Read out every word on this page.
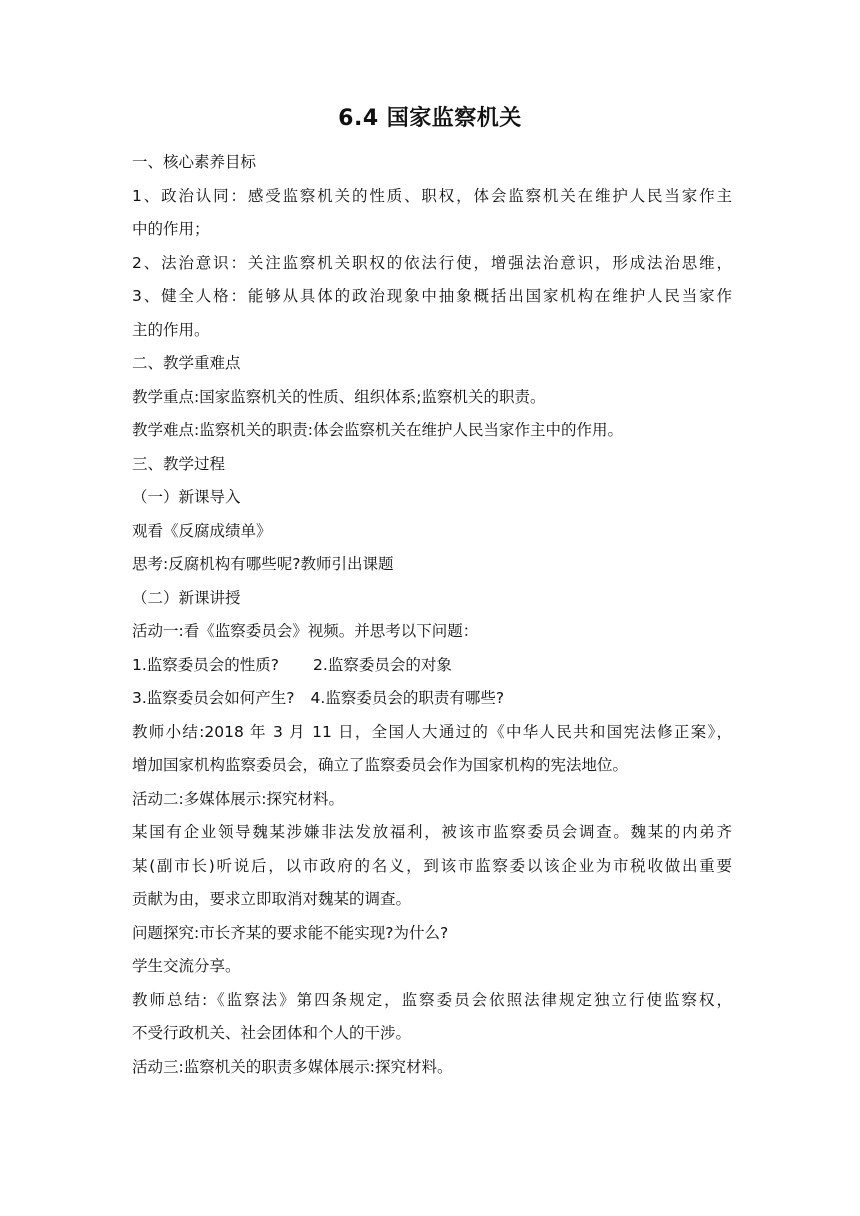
6.4 国家监察机关
一、核心素养目标
1、政治认同：感受监察机关的性质、职权，体会监察机关在维护人民当家作主
中的作用；
2、法治意识：关注监察机关职权的依法行使，增强法治意识，形成法治思维，
3、健全人格：能够从具体的政治现象中抽象概括出国家机构在维护人民当家作
主的作用。
二、教学重难点
教学重点:国家监察机关的性质、组织体系;监察机关的职责。
教学难点:监察机关的职责:体会监察机关在维护人民当家作主中的作用。
三、教学过程
（一）新课导入
观看《反腐成绩单》
思考:反腐机构有哪些呢?教师引出课题
（二）新课讲授
活动一:看《监察委员会》视频。并思考以下问题：
1.监察委员会的性质? 2.监察委员会的对象
3.监察委员会如何产生? 4.监察委员会的职责有哪些?
教师小结:2018 年 3 月 11 日，全国人大通过的《中华人民共和国宪法修正案》，
增加国家机构监察委员会，确立了监察委员会作为国家机构的宪法地位。
活动二:多媒体展示:探究材料。
某国有企业领导魏某涉嫌非法发放福利，被该市监察委员会调查。魏某的内弟齐
某(副市长)听说后，以市政府的名义，到该市监察委以该企业为市税收做出重要
贡献为由，要求立即取消对魏某的调查。
问题探究:市长齐某的要求能不能实现?为什么?
学生交流分享。
教师总结:《监察法》第四条规定，监察委员会依照法律规定独立行使监察权，
不受行政机关、社会团体和个人的干涉。
活动三:监察机关的职责多媒体展示:探究材料。
